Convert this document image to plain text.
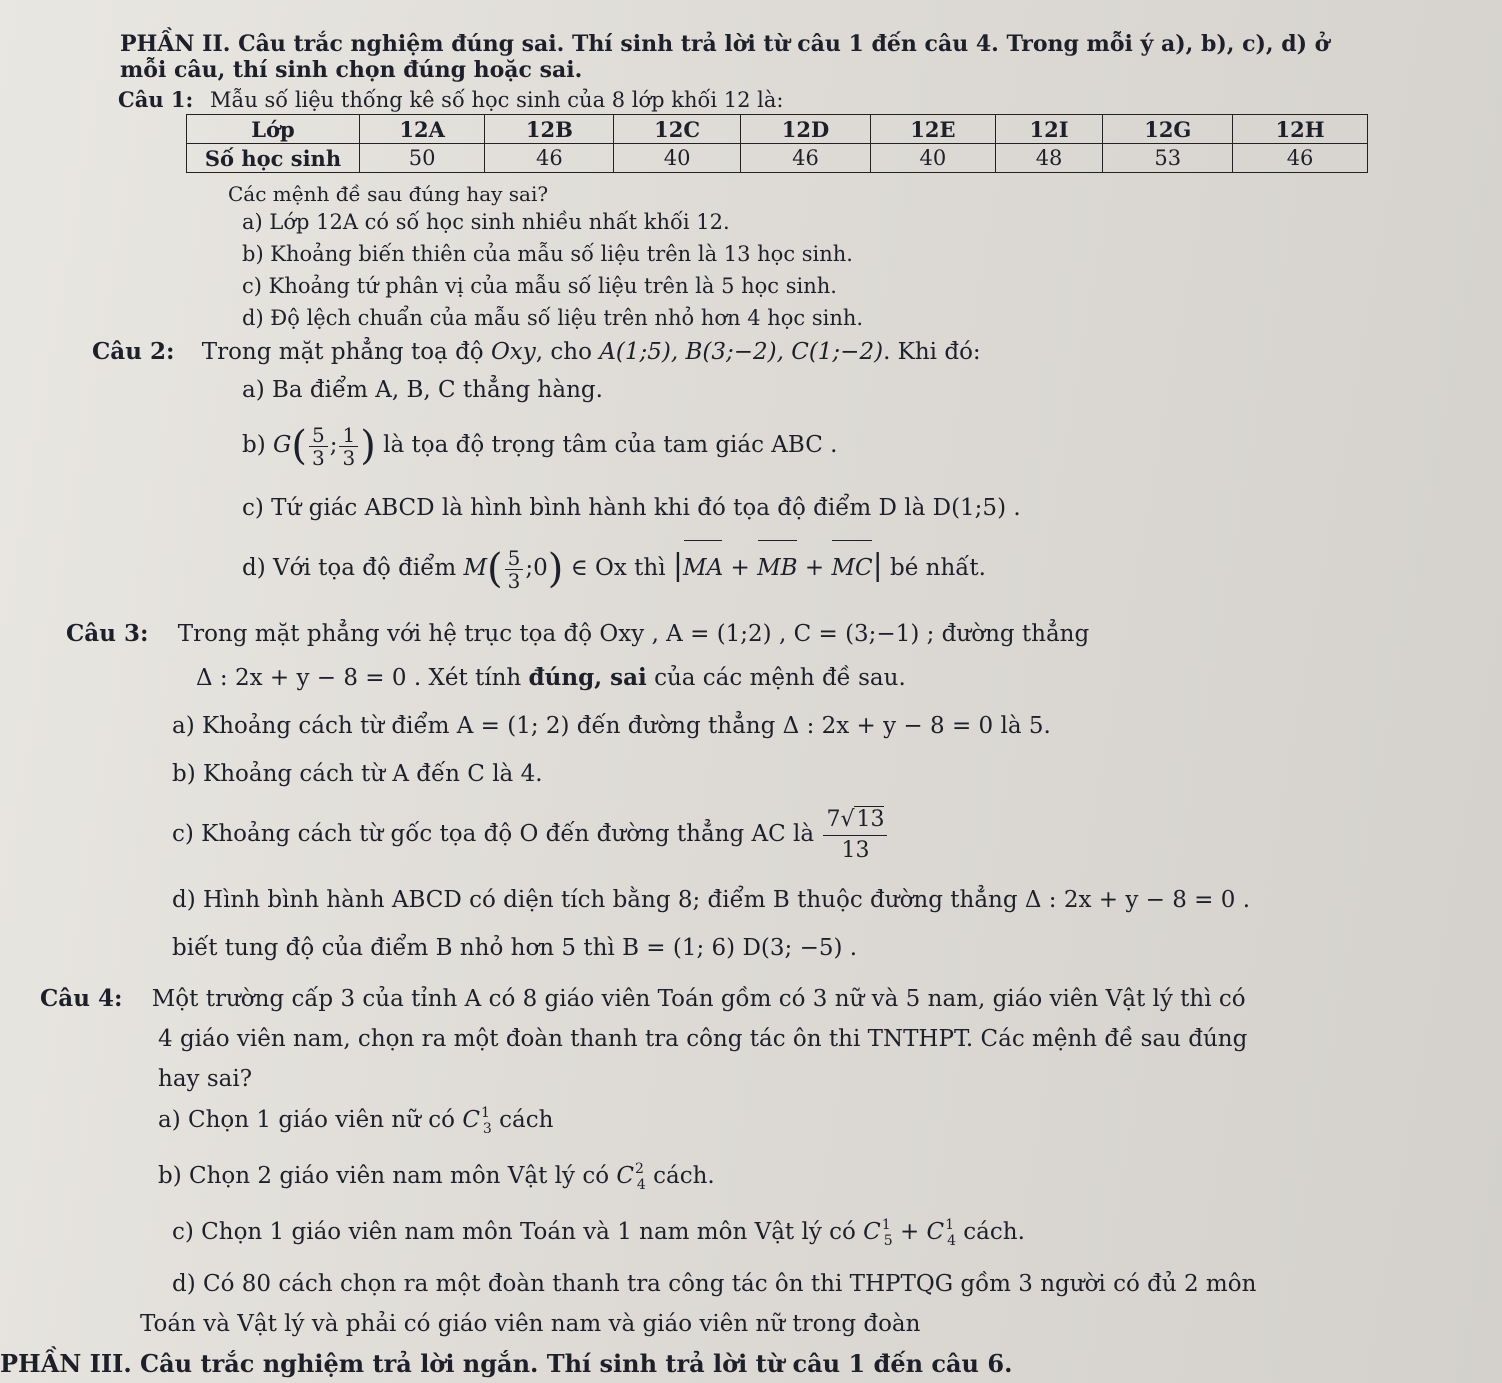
PHẦN II. Câu trắc nghiệm đúng sai. Thí sinh trả lời từ câu 1 đến câu 4. Trong mỗi ý a), b), c), d) ở
mỗi câu, thí sinh chọn đúng hoặc sai.
Câu 1: Mẫu số liệu thống kê số học sinh của 8 lớp khối 12 là:
Lớp	12A	12B	12C	12D	12E	12I	12G	12H
Số học sinh	50	46	40	46	40	48	53	46
Các mệnh đề sau đúng hay sai?
a) Lớp 12A có số học sinh nhiều nhất khối 12.
b) Khoảng biến thiên của mẫu số liệu trên là 13 học sinh.
c) Khoảng tứ phân vị của mẫu số liệu trên là 5 học sinh.
d) Độ lệch chuẩn của mẫu số liệu trên nhỏ hơn 4 học sinh.
Câu 2: Trong mặt phẳng toạ độ Oxy, cho A(1;5), B(3;−2), C(1;−2). Khi đó:
a) Ba điểm A, B, C thẳng hàng.
b) $G( \frac{5}{3}$ ; $\frac{1}{3}$ ) là tọa độ trọng tâm của tam giác ABC .
c) Tứ giác ABCD là hình bình hành khi đó tọa độ điểm D là D(1;5) .
d) Với tọa độ điểm $M( \frac{5}{3}$ ;0) ∈ Ox thì |MA + MB + MC| bé nhất.
Câu 3: Trong mặt phẳng với hệ trục tọa độ Oxy , A = (1;2) , C = (3;−1) ; đường thẳng
Δ : 2x + y − 8 = 0 . Xét tính đúng, sai của các mệnh đề sau.
a) Khoảng cách từ điểm A = (1; 2) đến đường thẳng Δ : 2x + y − 8 = 0 là 5.
b) Khoảng cách từ A đến C là 4.
c) Khoảng cách từ gốc tọa độ O đến đường thẳng AC là $\frac{7√13}{13}$
d) Hình bình hành ABCD có diện tích bằng 8; điểm B thuộc đường thẳng Δ : 2x + y − 8 = 0 .
biết tung độ của điểm B nhỏ hơn 5 thì B = (1; 6) D(3; −5) .
Câu 4: Một trường cấp 3 của tỉnh A có 8 giáo viên Toán gồm có 3 nữ và 5 nam, giáo viên Vật lý thì có
4 giáo viên nam, chọn ra một đoàn thanh tra công tác ôn thi TNTHPT. Các mệnh đề sau đúng
hay sai?
a) Chọn 1 giáo viên nữ có $C^1_3$ cách
b) Chọn 2 giáo viên nam môn Vật lý có $C^2_4$ cách.
c) Chọn 1 giáo viên nam môn Toán và 1 nam môn Vật lý có $C^1_5 + C^1_4$ cách.
d) Có 80 cách chọn ra một đoàn thanh tra công tác ôn thi THPTQG gồm 3 người có đủ 2 môn
Toán và Vật lý và phải có giáo viên nam và giáo viên nữ trong đoàn
PHẦN III. Câu trắc nghiệm trả lời ngắn. Thí sinh trả lời từ câu 1 đến câu 6.
